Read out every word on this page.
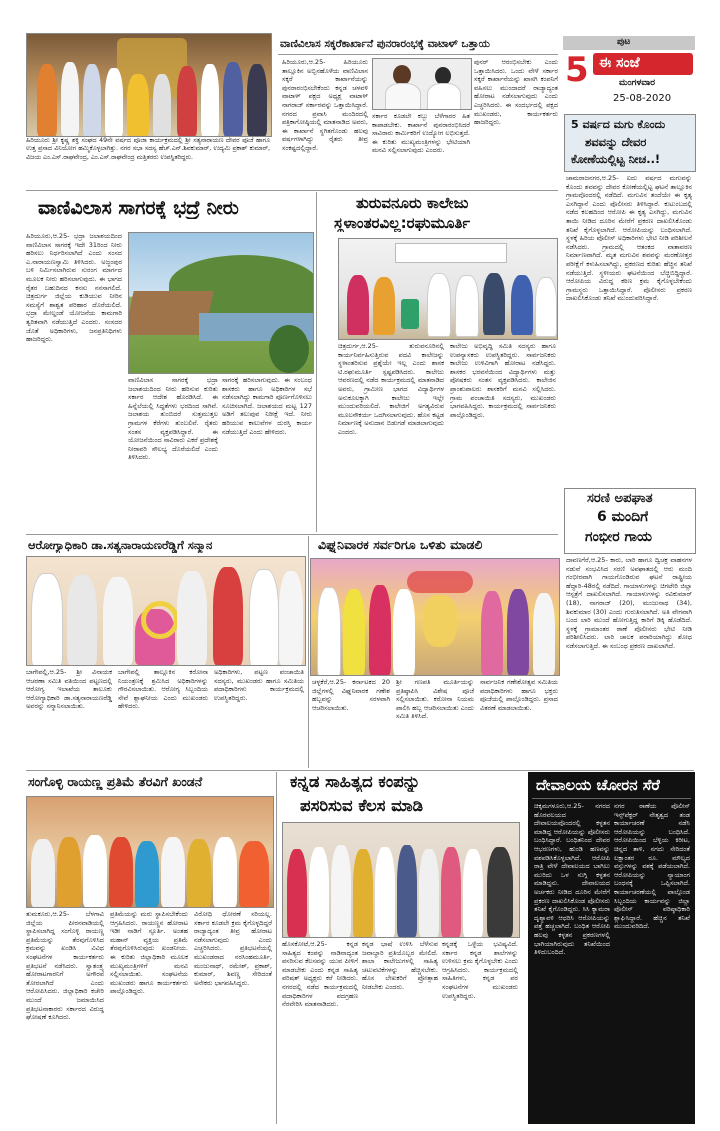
ಪುಟ
5 ಈ ಸಂಜೆ
ಮಂಗಳವಾರ
25-08-2020
ಹಿರಿಯೂರು ಶ್ರೀ ಕೃಷ್ಣ ಶಕ್ತಿ ಸಂಘದ 49ನೇ ವರ್ಷದ ಪೂಜಾ ಕಾರ್ಯಕ್ರಮದಲ್ಲಿ ಶ್ರೀ ಸತ್ಯನಾರಾಯಣ ದೇವರ ಪೂಜೆ ಹಾಗೂ ಉತ್ತ ಪ್ರಸಾದ ವಿನಿಯೋಗ ಹಮ್ಮಿಕೊಳ್ಳಲಾಗಿತ್ತು. ನಗರ ಸಭಾ ಸದಸ್ಯ ಹೆಚ್.ಎನ್.ಶಿವಕುಮಾರ್, ಉದ್ಯಮಿ ಪ್ರಕಾಶ್ ಕುಮಾರ್, ವಿಜಯ ಎಂ.ಎಸ್.ರಾಘವೇಂದ್ರ, ಎಂ.ಎಸ್.ರಾಘವೇಂದ್ರ ಮತ್ತಿತರರು ಉಪಸ್ಥಿತರಿದ್ದರು.
ವಾಣಿವಿಲಾಸ ಸಕ್ಕರೆಕಾರ್ಖಾನೆ ಪುನರಾರಂಭಕ್ಕೆ ವಾಟಾಳ್ ಒತ್ತಾಯ
ಹಿರಿಯೂರು,ಆ.25- ಹಿರಿಯೂರು ತಾಲ್ಲೂಕಿನ ಅಬ್ಬಿನಹೊಳೆಯ ವಾಣಿವಿಲಾಸ ಸಕ್ಕರೆ ಕಾರ್ಖಾನೆಯನ್ನು ಪುನರಾರಂಭಿಸಬೇಕೆಂದು ಕನ್ನಡ ಚಳವಳಿ ವಾಟಾಳ್ ಪಕ್ಷದ ಅಧ್ಯಕ್ಷ ವಾಟಾಳ್ ನಾಗರಾಜ್ ಸರ್ಕಾರವನ್ನು ಒತ್ತಾಯಿಸಿದ್ದಾರೆ. ನಗರದ ಪ್ರವಾಸಿ ಮಂದಿರದಲ್ಲಿ ಪತ್ರಿಕಾಗೋಷ್ಠಿಯಲ್ಲಿ ಮಾತನಾಡಿದ ಅವರು, ಈ ಕಾರ್ಖಾನೆ ಸ್ಥಗಿತಗೊಂಡು ಹಲವು ವರ್ಷಗಳಾಗಿದ್ದು ರೈತರು ತೀವ್ರ ಸಂಕಷ್ಟದಲ್ಲಿದ್ದಾರೆ.
ಸರ್ಕಾರ ಕೂಡಲೇ ಕಬ್ಬು ಬೆಳೆಗಾರರ ಹಿತ ಕಾಪಾಡಬೇಕು. ಕಾರ್ಖಾನೆ ಪುನರಾರಂಭಿಸಿದರೆ ಸಾವಿರಾರು ಕಾರ್ಮಿಕರಿಗೆ ಉದ್ಯೋಗ ಲಭಿಸುತ್ತದೆ. ಈ ಕುರಿತು ಮುಖ್ಯಮಂತ್ರಿಗಳನ್ನು ಭೇಟಿಯಾಗಿ ಮನವಿ ಸಲ್ಲಿಸಲಾಗುವುದು ಎಂದರು.
ಪುನರ್ ಆರಂಭಿಸಬೇಕು ಎಂದು ಒತ್ತಾಯಿಸಿದರು. ಒಂದು ವೇಳೆ ಸರ್ಕಾರ ಸಕ್ಕರೆ ಕಾರ್ಖಾನೆಯನ್ನು ಖಾಸಗಿ ಕಂಪನಿಗೆ ವಹಿಸಲು ಮುಂದಾದರೆ ರಾಜ್ಯಾದ್ಯಂತ ಹೋರಾಟ ನಡೆಸಲಾಗುವುದು ಎಂದು ಎಚ್ಚರಿಸಿದರು. ಈ ಸಂದರ್ಭದಲ್ಲಿ ಪಕ್ಷದ ಮುಖಂಡರು, ಕಾರ್ಯಕರ್ತರು ಹಾಜರಿದ್ದರು.	5 ವರ್ಷದ ಮಗು ಕೊಂದು
ಶವವನ್ನು ದೇವರ
ಕೋಣೆಯಲ್ಲಿಟ್ಟ ನೀಚ..!
ಚಾಮರಾಜನಗರ,ಆ.25- ಐದು ವರ್ಷದ ಮಗುವನ್ನು ಕೊಂದು ಶವವನ್ನು ದೇವರ ಕೋಣೆಯಲ್ಲಿಟ್ಟ ಘಟನೆ ತಾಲ್ಲೂಕಿನ ಗ್ರಾಮವೊಂದರಲ್ಲಿ ನಡೆದಿದೆ. ಮಗುವಿನ ತಂದೆಯೇ ಈ ಕೃತ್ಯ ಎಸಗಿದ್ದಾನೆ ಎಂದು ಪೊಲೀಸರು ತಿಳಿಸಿದ್ದಾರೆ. ಕುಟುಂಬದಲ್ಲಿ ನಡೆದ ಕಲಹದಿಂದ ಆರೋಪಿ ಈ ಕೃತ್ಯ ಎಸಗಿದ್ದು, ಮಗುವಿನ ತಾಯಿ ನೀಡಿದ ದೂರಿನ ಮೇರೆಗೆ ಪ್ರಕರಣ ದಾಖಲಿಸಿಕೊಂಡು ತನಿಖೆ ಕೈಗೊಳ್ಳಲಾಗಿದೆ. ಆರೋಪಿಯನ್ನು ಬಂಧಿಸಲಾಗಿದೆ. ಸ್ಥಳಕ್ಕೆ ಹಿರಿಯ ಪೊಲೀಸ್ ಅಧಿಕಾರಿಗಳು ಭೇಟಿ ನೀಡಿ ಪರಿಶೀಲನೆ ನಡೆಸಿದರು. ಗ್ರಾಮದಲ್ಲಿ ಆತಂಕದ ವಾತಾವರಣ ನಿರ್ಮಾಣವಾಗಿದೆ. ಮೃತ ಮಗುವಿನ ಶವವನ್ನು ಮರಣೋತ್ತರ ಪರೀಕ್ಷೆಗೆ ಕಳುಹಿಸಲಾಗಿದ್ದು, ಪ್ರಕರಣದ ಕುರಿತು ಹೆಚ್ಚಿನ ತನಿಖೆ ನಡೆಯುತ್ತಿದೆ. ಸ್ಥಳೀಯರು ಘಟನೆಯಿಂದ ಬೆಚ್ಚಿಬಿದ್ದಿದ್ದಾರೆ. ಆರೋಪಿಯ ವಿರುದ್ಧ ಕಠಿಣ ಕ್ರಮ ಕೈಗೊಳ್ಳಬೇಕೆಂದು ಗ್ರಾಮಸ್ಥರು ಒತ್ತಾಯಿಸಿದ್ದಾರೆ. ಪೊಲೀಸರು ಪ್ರಕರಣ ದಾಖಲಿಸಿಕೊಂಡು ತನಿಖೆ ಮುಂದುವರಿಸಿದ್ದಾರೆ.
ವಾಣಿವಿಲಾಸ ಸಾಗರಕ್ಕೆ ಭದ್ರೆ ನೀರು
ಹಿರಿಯೂರು,ಆ.25- ಭದ್ರಾ ಜಲಾಶಯದಿಂದ ವಾಣಿವಿಲಾಸ ಸಾಗರಕ್ಕೆ ಇದೇ 31ರಿಂದ ನೀರು ಹರಿಸಲು ನಿರ್ಧರಿಸಲಾಗಿದೆ ಎಂದು ಸಂಸದ ಎ.ನಾರಾಯಣಸ್ವಾಮಿ ತಿಳಿಸಿದರು. ಅಜ್ಜಂಪುರ ಬಳಿ ನಿರ್ಮಿಸಲಾಗಿರುವ ಸುರಂಗ ಮಾರ್ಗದ ಮೂಲಕ ನೀರು ಹರಿಸಲಾಗುವುದು. ಈ ಭಾಗದ ರೈತರ ಬಹುದಿನದ ಕನಸು ನನಸಾಗಲಿದೆ. ಚಿತ್ರದುರ್ಗ ಜಿಲ್ಲೆಯ ಕುಡಿಯುವ ನೀರಿನ ಸಮಸ್ಯೆಗೆ ಶಾಶ್ವತ ಪರಿಹಾರ ದೊರೆಯಲಿದೆ. ಭದ್ರಾ ಮೇಲ್ದಂಡೆ ಯೋಜನೆಯ ಕಾಮಗಾರಿ ತ್ವರಿತವಾಗಿ ನಡೆಯುತ್ತಿದೆ ಎಂದರು. ಸಂಸದರ ಜೊತೆ ಅಧಿಕಾರಿಗಳು, ಜನಪ್ರತಿನಿಧಿಗಳು ಹಾಜರಿದ್ದರು.
ವಾಣಿವಿಲಾಸ ಸಾಗರಕ್ಕೆ ಭದ್ರಾ ಜಲಾಶಯದಿಂದ ನೀರು ಹರಿಸುವ ಕುರಿತು ಸರ್ಕಾರ ಆದೇಶ ಹೊರಡಿಸಿದೆ. ಈ ಹಿನ್ನೆಲೆಯಲ್ಲಿ ಸಿದ್ಧತೆಗಳು ಭರದಿಂದ ಸಾಗಿವೆ. ಜಲಾಶಯ ತುಂಬಿದರೆ ಸುತ್ತಮುತ್ತಲ ಗ್ರಾಮಗಳ ಕೆರೆಗಳು ತುಂಬಲಿವೆ. ರೈತರು ಸಂತಸ ವ್ಯಕ್ತಪಡಿಸಿದ್ದಾರೆ. ಈ ಯೋಜನೆಯಿಂದ ಸಾವಿರಾರು ಎಕರೆ ಪ್ರದೇಶಕ್ಕೆ ನೀರಾವರಿ ಸೌಲಭ್ಯ ದೊರೆಯಲಿದೆ ಎಂದು ತಿಳಿಸಿದರು.
ಸಾಗರಕ್ಕೆ ಹರಿಸಲಾಗುವುದು. ಈ ಸಂಬಂಧ ಶಾಸಕರು ಹಾಗೂ ಅಧಿಕಾರಿಗಳ ಸಭೆ ನಡೆಸಲಾಗಿದ್ದು ಕಾಮಗಾರಿ ಪೂರ್ಣಗೊಳಿಸಲು ಸೂಚಿಸಲಾಗಿದೆ. ಜಲಾಶಯದ ಮಟ್ಟ 127 ಅಡಿಗೆ ತಲುಪುವ ನಿರೀಕ್ಷೆ ಇದೆ. ನೀರು ಹರಿಯುವ ಕಾಲುವೆಗಳ ದುರಸ್ತಿ ಕಾರ್ಯ ನಡೆಯುತ್ತಿದೆ ಎಂದು ಹೇಳಿದರು.
ತುರುವನೂರು ಕಾಲೇಜು
ಸ್ಥಳಾಂತರವಿಲ್ಲ:ರಘುಮೂರ್ತಿ
ಚಿತ್ರದುರ್ಗ,ಆ.25- ತುರುವನೂರಿನಲ್ಲಿ ಕಾರ್ಯನಿರ್ವಹಿಸುತ್ತಿರುವ ಪದವಿ ಕಾಲೇಜನ್ನು ಸ್ಥಳಾಂತರಿಸುವ ಪ್ರಶ್ನೆಯೇ ಇಲ್ಲ ಎಂದು ಶಾಸಕ ಟಿ.ರಘುಮೂರ್ತಿ ಸ್ಪಷ್ಟಪಡಿಸಿದರು. ಕಾಲೇಜು ಆವರಣದಲ್ಲಿ ನಡೆದ ಕಾರ್ಯಕ್ರಮದಲ್ಲಿ ಮಾತನಾಡಿದ ಅವರು, ಗ್ರಾಮೀಣ ಭಾಗದ ವಿದ್ಯಾರ್ಥಿಗಳ ಅನುಕೂಲಕ್ಕಾಗಿ ಕಾಲೇಜು ಇಲ್ಲೇ ಮುಂದುವರಿಯಲಿದೆ. ಕಾಲೇಜಿಗೆ ಅಗತ್ಯವಿರುವ ಮೂಲಸೌಕರ್ಯ ಒದಗಿಸಲಾಗುವುದು. ಹೊಸ ಕಟ್ಟಡ ನಿರ್ಮಾಣಕ್ಕೆ ಅನುದಾನ ಬಿಡುಗಡೆ ಮಾಡಲಾಗುವುದು ಎಂದರು.
ಕಾಲೇಜು ಅಭಿವೃದ್ಧಿ ಸಮಿತಿ ಸದಸ್ಯರು ಹಾಗೂ ಉಪನ್ಯಾಸಕರು ಉಪಸ್ಥಿತರಿದ್ದರು. ಸಾರ್ವಜನಿಕರು ಕಾಲೇಜು ಉಳಿವಿಗಾಗಿ ಹೋರಾಟ ನಡೆಸಿದ್ದರು. ಶಾಸಕರ ಭರವಸೆಯಿಂದ ವಿದ್ಯಾರ್ಥಿಗಳು ಮತ್ತು ಪೋಷಕರು ಸಂತಸ ವ್ಯಕ್ತಪಡಿಸಿದರು. ಕಾಲೇಜಿನ ಪ್ರಾಂಶುಪಾಲರು ಶಾಸಕರಿಗೆ ಮನವಿ ಸಲ್ಲಿಸಿದರು. ಗ್ರಾಮ ಪಂಚಾಯಿತಿ ಸದಸ್ಯರು, ಮುಖಂಡರು ಭಾಗವಹಿಸಿದ್ದರು. ಕಾರ್ಯಕ್ರಮದಲ್ಲಿ ಸಾರ್ವಜನಿಕರು ಪಾಲ್ಗೊಂಡಿದ್ದರು.
ಸರಣಿ ಅಪಘಾತ
6 ಮಂದಿಗೆ
ಗಂಭೀರ ಗಾಯ
ದಾವಣಗೆರೆ,ಆ.25- ಕಾರು, ಲಾರಿ ಹಾಗೂ ದ್ವಿಚಕ್ರ ವಾಹನಗಳ ನಡುವೆ ಸಂಭವಿಸಿದ ಸರಣಿ ಅಪಘಾತದಲ್ಲಿ ಆರು ಮಂದಿ ಗಂಭೀರವಾಗಿ ಗಾಯಗೊಂಡಿರುವ ಘಟನೆ ರಾಷ್ಟ್ರೀಯ ಹೆದ್ದಾರಿ-48ರಲ್ಲಿ ನಡೆದಿದೆ. ಗಾಯಾಳುಗಳನ್ನು ಚಿಗಟೇರಿ ಜಿಲ್ಲಾ ಆಸ್ಪತ್ರೆಗೆ ದಾಖಲಿಸಲಾಗಿದೆ. ಗಾಯಾಳುಗಳನ್ನು ರವಿಕುಮಾರ್ (18), ನಾಗರಾಜ್ (20), ಮಂಜುನಾಥ (34), ಶಿವಕುಮಾರ (30) ಎಂದು ಗುರುತಿಸಲಾಗಿದೆ. ಅತಿ ವೇಗವಾಗಿ ಬಂದ ಲಾರಿ ಮುಂದೆ ಹೋಗುತ್ತಿದ್ದ ಕಾರಿಗೆ ಡಿಕ್ಕಿ ಹೊಡೆದಿದೆ. ಸ್ಥಳಕ್ಕೆ ಗ್ರಾಮಾಂತರ ಠಾಣೆ ಪೊಲೀಸರು ಭೇಟಿ ನೀಡಿ ಪರಿಶೀಲಿಸಿದರು. ಲಾರಿ ಚಾಲಕ ಪರಾರಿಯಾಗಿದ್ದು ಶೋಧ ನಡೆಸಲಾಗುತ್ತಿದೆ. ಈ ಸಂಬಂಧ ಪ್ರಕರಣ ದಾಖಲಾಗಿದೆ.
ಆರೋಗ್ಯಾಧಿಕಾರಿ ಡಾ.ಸತ್ಯನಾರಾಯಣರೆಡ್ಡಿಗೆ ಸನ್ಮಾನ
ಬಾಗೇಪಲ್ಲಿ,ಆ.25- ಶ್ರೀ ವಿನಾಯಕ ಆಚರಣಾ ಸಮಿತಿ ವತಿಯಿಂದ ಪಟ್ಟಣದಲ್ಲಿ ಆರೋಗ್ಯ ಇಲಾಖೆಯ ತಾಲೂಕು ಆರೋಗ್ಯಾಧಿಕಾರಿ ಡಾ.ಸತ್ಯನಾರಾಯಣರೆಡ್ಡಿ ಅವರನ್ನು ಸನ್ಮಾನಿಸಲಾಯಿತು.
ಬಾಗೇಪಲ್ಲಿ ತಾಲ್ಲೂಕಿನ ಕರೋನಾ ನಿಯಂತ್ರಣಕ್ಕೆ ಶ್ರಮಿಸಿದ ಅಧಿಕಾರಿಗಳನ್ನು ಗೌರವಿಸಲಾಯಿತು. ಆರೋಗ್ಯ ಸಿಬ್ಬಂದಿಯ ಸೇವೆ ಶ್ಲಾಘನೀಯ ಎಂದು ಮುಖಂಡರು ಹೇಳಿದರು.
ಅಧಿಕಾರಿಗಳು, ಪಟ್ಟಣ ಪಂಚಾಯಿತಿ ಸದಸ್ಯರು, ಮುಖಂಡರು ಹಾಗೂ ಸಮಿತಿಯ ಪದಾಧಿಕಾರಿಗಳು ಕಾರ್ಯಕ್ರಮದಲ್ಲಿ ಉಪಸ್ಥಿತರಿದ್ದರು.
ವಿಘ್ನನಿವಾರಕ ಸರ್ವರಿಗೂ ಒಳಿತು ಮಾಡಲಿ
ಚಳ್ಳಕೆರೆ,ಆ.25- ಕರ್ನಾಟಕದ 20 ಜಿಲ್ಲೆಗಳಲ್ಲಿ ವಿಘ್ನನಿವಾರಕ ಗಣೇಶ ಹಬ್ಬವನ್ನು ಸರಳವಾಗಿ ಆಚರಿಸಲಾಯಿತು.
ಶ್ರೀ ಗಣಪತಿ ಮೂರ್ತಿಯನ್ನು ಪ್ರತಿಷ್ಠಾಪಿಸಿ ವಿಶೇಷ ಪೂಜೆ ಸಲ್ಲಿಸಲಾಯಿತು. ಕರೋನಾ ನಿಯಮ ಪಾಲಿಸಿ ಹಬ್ಬ ಆಚರಿಸಲಾಯಿತು ಎಂದು ಸಮಿತಿ ತಿಳಿಸಿದೆ.
ಸಾರ್ವಜನಿಕ ಗಣೇಶೋತ್ಸವ ಸಮಿತಿಯ ಪದಾಧಿಕಾರಿಗಳು ಹಾಗೂ ಭಕ್ತರು ಪೂಜೆಯಲ್ಲಿ ಪಾಲ್ಗೊಂಡಿದ್ದರು. ಪ್ರಸಾದ ವಿತರಣೆ ಮಾಡಲಾಯಿತು.
ಸಂಗೊಳ್ಳಿ ರಾಯಣ್ಣ ಪ್ರತಿಮೆ ತೆರವಿಗೆ ಖಂಡನೆ
ತುಮಕೂರು,ಆ.25- ಬೆಳಗಾವಿ ಜಿಲ್ಲೆಯ ಪೀರನವಾಡಿಯಲ್ಲಿ ಸ್ಥಾಪಿಸಲಾಗಿದ್ದ ಸಂಗೊಳ್ಳಿ ರಾಯಣ್ಣ ಪ್ರತಿಮೆಯನ್ನು ತೆರವುಗೊಳಿಸಿದ ಕ್ರಮವನ್ನು ಖಂಡಿಸಿ ವಿವಿಧ ಸಂಘಟನೆಗಳ ಕಾರ್ಯಕರ್ತರು ಪ್ರತಿಭಟನೆ ನಡೆಸಿದರು. ಸ್ವಾತಂತ್ರ್ಯ ಹೋರಾಟಗಾರನಿಗೆ ಅಗೌರವ ತೋರಲಾಗಿದೆ ಎಂದು ಆರೋಪಿಸಿದರು. ಜಿಲ್ಲಾಧಿಕಾರಿ ಕಚೇರಿ ಮುಂದೆ ಜಮಾಯಿಸಿದ ಪ್ರತಿಭಟನಾಕಾರರು ಸರ್ಕಾರದ ವಿರುದ್ಧ ಘೋಷಣೆ ಕೂಗಿದರು.
ಪ್ರತಿಮೆಯನ್ನು ಮರು ಸ್ಥಾಪಿಸಬೇಕೆಂದು ಆಗ್ರಹಿಸಿದರು. ರಾಯಣ್ಣನ ಹೋರಾಟ ಇಡೀ ನಾಡಿಗೆ ಸ್ಫೂರ್ತಿ. ಅಂತಹ ಮಹಾನ್ ವ್ಯಕ್ತಿಯ ಪ್ರತಿಮೆ ತೆರವುಗೊಳಿಸಿರುವುದು ಖಂಡನೀಯ. ಈ ಕುರಿತು ಜಿಲ್ಲಾಧಿಕಾರಿ ಮೂಲಕ ಮುಖ್ಯಮಂತ್ರಿಗಳಿಗೆ ಮನವಿ ಸಲ್ಲಿಸಲಾಯಿತು. ಸಂಘಟನೆಯ ಮುಖಂಡರು ಹಾಗೂ ಕಾರ್ಯಕರ್ತರು ಪಾಲ್ಗೊಂಡಿದ್ದರು.
ವಿರೋಧಿ ಧೋರಣೆ ಸರಿಯಲ್ಲ. ಸರ್ಕಾರ ಕೂಡಲೇ ಕ್ರಮ ಕೈಗೊಳ್ಳದಿದ್ದರೆ ರಾಜ್ಯಾದ್ಯಂತ ತೀವ್ರ ಹೋರಾಟ ನಡೆಸಲಾಗುವುದು ಎಂದು ಎಚ್ಚರಿಸಿದರು. ಪ್ರತಿಭಟನೆಯಲ್ಲಿ ಮುಖಂಡರಾದ ನರಸಿಂಹಮೂರ್ತಿ, ಮಂಜುನಾಥ್, ರಮೇಶ್, ಪ್ರಕಾಶ್, ಕುಮಾರ್, ಶಿವಣ್ಣ ಸೇರಿದಂತೆ ಅನೇಕರು ಭಾಗವಹಿಸಿದ್ದರು.
ಕನ್ನಡ ಸಾಹಿತ್ಯದ ಕಂಪನ್ನು
ಪಸರಿಸುವ ಕೆಲಸ ಮಾಡಿ
ಹೊಸಕೋಟೆ,ಆ.25- ಕನ್ನಡ ಸಾಹಿತ್ಯದ ಕಂಪನ್ನು ನಾಡಿನಾದ್ಯಂತ ಪಸರಿಸುವ ಕೆಲಸವನ್ನು ಯುವ ಪೀಳಿಗೆ ಮಾಡಬೇಕು ಎಂದು ಕನ್ನಡ ಸಾಹಿತ್ಯ ಪರಿಷತ್ ಅಧ್ಯಕ್ಷರು ಕರೆ ನೀಡಿದರು. ನಗರದಲ್ಲಿ ನಡೆದ ಕಾರ್ಯಕ್ರಮದಲ್ಲಿ ಪದಾಧಿಕಾರಿಗಳ ಪದಗ್ರಹಣ ನೆರವೇರಿಸಿ ಮಾತನಾಡಿದರು.
ಕನ್ನಡ ಭಾಷೆ ಉಳಿಸಿ ಬೆಳೆಸುವ ಜವಾಬ್ದಾರಿ ಪ್ರತಿಯೊಬ್ಬರ ಮೇಲಿದೆ. ಶಾಲಾ ಕಾಲೇಜುಗಳಲ್ಲಿ ಸಾಹಿತ್ಯ ಚಟುವಟಿಕೆಗಳನ್ನು ಹೆಚ್ಚಿಸಬೇಕು. ಹೊಸ ಲೇಖಕರಿಗೆ ಪ್ರೋತ್ಸಾಹ ನೀಡಬೇಕು ಎಂದರು.
ಕನ್ನಡಕ್ಕೆ ಒಳ್ಳೆಯ ಭವಿಷ್ಯವಿದೆ. ಸರ್ಕಾರ ಕನ್ನಡ ಶಾಲೆಗಳನ್ನು ಉಳಿಸಲು ಕ್ರಮ ಕೈಗೊಳ್ಳಬೇಕು ಎಂದು ಆಗ್ರಹಿಸಿದರು. ಕಾರ್ಯಕ್ರಮದಲ್ಲಿ ಸಾಹಿತಿಗಳು, ಕನ್ನಡ ಪರ ಸಂಘಟನೆಗಳ ಮುಖಂಡರು ಉಪಸ್ಥಿತರಿದ್ದರು.
ದೇವಾಲಯ ಚೋರನ ಸೆರೆ
ಚಿಕ್ಕಮಗಳೂರು,ಆ.25- ನಗರದ ಹೊರವಲಯದ ದೇವಾಲಯವೊಂದರಲ್ಲಿ ಕಳ್ಳತನ ಮಾಡಿದ್ದ ಆರೋಪಿಯನ್ನು ಪೊಲೀಸರು ಬಂಧಿಸಿದ್ದಾರೆ. ಬಂಧಿತನಿಂದ ದೇವರ ಆಭರಣಗಳು, ಹುಂಡಿ ಹಣವನ್ನು ವಶಪಡಿಸಿಕೊಳ್ಳಲಾಗಿದೆ. ಆರೋಪಿ ರಾತ್ರಿ ವೇಳೆ ದೇವಾಲಯದ ಬಾಗಿಲು ಮುರಿದು ಒಳ ನುಗ್ಗಿ ಕಳ್ಳತನ ಮಾಡಿದ್ದನು. ದೇವಾಲಯದ ಅರ್ಚಕರು ನೀಡಿದ ದೂರಿನ ಮೇರೆಗೆ ಪ್ರಕರಣ ದಾಖಲಿಸಿಕೊಂಡ ಪೊಲೀಸರು ತನಿಖೆ ಕೈಗೊಂಡಿದ್ದರು. ಸಿಸಿ ಕ್ಯಾಮರಾ ದೃಶ್ಯಾವಳಿ ಆಧರಿಸಿ ಆರೋಪಿಯನ್ನು ಪತ್ತೆ ಹಚ್ಚಲಾಗಿದೆ. ಬಂಧಿತ ಆರೋಪಿ ಹಲವು ಕಳ್ಳತನ ಪ್ರಕರಣಗಳಲ್ಲಿ ಭಾಗಿಯಾಗಿರುವುದು ತನಿಖೆಯಿಂದ ತಿಳಿದುಬಂದಿದೆ.
ನಗರ ಠಾಣೆಯ ಪೊಲೀಸ್ ಇನ್ಸ್‌ಪೆಕ್ಟರ್ ನೇತೃತ್ವದ ತಂಡ ಕಾರ್ಯಾಚರಣೆ ನಡೆಸಿ ಆರೋಪಿಯನ್ನು ಬಂಧಿಸಿದೆ. ಆರೋಪಿಯಿಂದ ಬೆಳ್ಳಿಯ ಕಿರೀಟ, ಚಿನ್ನದ ತಾಳಿ, ನಗದು ಸೇರಿದಂತೆ ಲಕ್ಷಾಂತರ ರೂ. ಮೌಲ್ಯದ ವಸ್ತುಗಳನ್ನು ವಶಕ್ಕೆ ಪಡೆಯಲಾಗಿದೆ. ಆರೋಪಿಯನ್ನು ನ್ಯಾಯಾಂಗ ಬಂಧನಕ್ಕೆ ಒಪ್ಪಿಸಲಾಗಿದೆ. ಕಾರ್ಯಾಚರಣೆಯಲ್ಲಿ ಪಾಲ್ಗೊಂಡ ಸಿಬ್ಬಂದಿಯ ಕಾರ್ಯವನ್ನು ಜಿಲ್ಲಾ ಪೊಲೀಸ್ ವರಿಷ್ಠಾಧಿಕಾರಿ ಶ್ಲಾಘಿಸಿದ್ದಾರೆ. ಹೆಚ್ಚಿನ ತನಿಖೆ ಮುಂದುವರಿದಿದೆ.
